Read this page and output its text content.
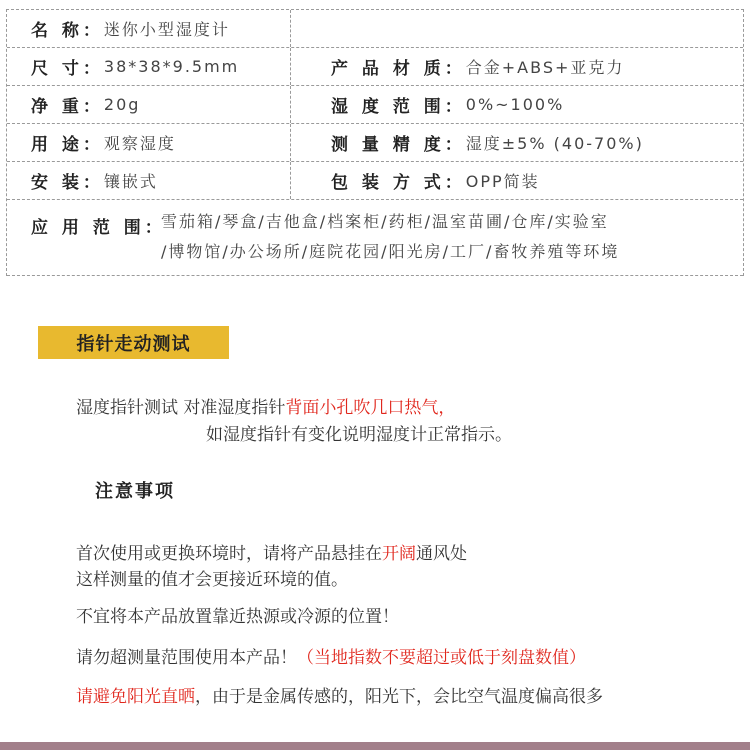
名 称： 迷你小型湿度计
尺 寸： 38*38*9.5mm	产 品 材 质： 合金+ABS+亚克力
净 重： 20g	湿 度 范 围： 0%~100%
用 途： 观察湿度	测 量 精 度： 湿度±5% (40-70%)
安 装： 镶嵌式	包 装 方 式： OPP简装
应 用 范 围：
雪茄箱/琴盒/吉他盒/档案柜/药柜/温室苗圃/仓库/实验室
/博物馆/办公场所/庭院花园/阳光房/工厂/畜牧养殖等环境
指针走动测试
湿度指针测试 对准湿度指针背面小孔吹几口热气，
如湿度指针有变化说明湿度计正常指示。
注意事项
首次使用或更换环境时，请将产品悬挂在开阔通风处
这样测量的值才会更接近环境的值。
不宜将本产品放置靠近热源或冷源的位置！
请勿超测量范围使用本产品！（当地指数不要超过或低于刻盘数值）
请避免阳光直晒，由于是金属传感的，阳光下，会比空气温度偏高很多
